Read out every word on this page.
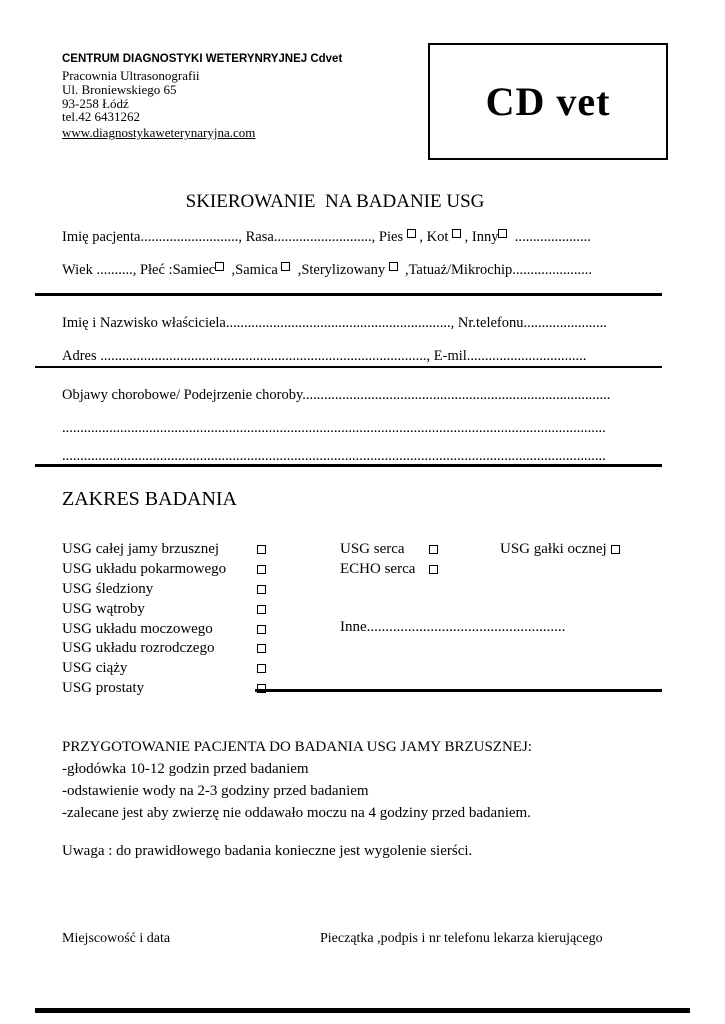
CENTRUM DIAGNOSTYKI WETERYNRYJNEJ Cdvet
Pracownia Ultrasonografii
Ul. Broniewskiego 65
93-258 Łódź
tel.42 6431262
www.diagnostykaweterynaryjna.com
CD vet
SKIEROWANIE  NA BADANIE USG
Imię pacjenta..........................., Rasa..........................., Pies  , Kot  , Inny  .....................
Wiek .........., Płeć :Samiec  ,Samica   ,Sterylizowany   ,Tatuaż/Mikrochip......................
Imię i Nazwisko właściciela.............................................................., Nr.telefonu.......................
Adres .........................................................................................., E-mil.................................
Objawy chorobowe/ Podejrzenie choroby.....................................................................................
......................................................................................................................................................
......................................................................................................................................................
ZAKRES BADANIA
USG całej jamy brzusznej
USG układu pokarmowego
USG śledziony
USG wątroby
USG układu moczowego
USG układu rozrodczego
USG ciąży
USG prostaty
USG serca
ECHO serca
Inne.....................................................
USG gałki ocznej
PRZYGOTOWANIE PACJENTA DO BADANIA USG JAMY BRZUSZNEJ:
-głodówka 10-12 godzin przed badaniem
-odstawienie wody na 2-3 godziny przed badaniem
-zalecane jest aby zwierzę nie oddawało moczu na 4 godziny przed badaniem.
Uwaga : do prawidłowego badania konieczne jest wygolenie sierści.
Miejscowość i data	Pieczątka ,podpis i nr telefonu lekarza kierującego
